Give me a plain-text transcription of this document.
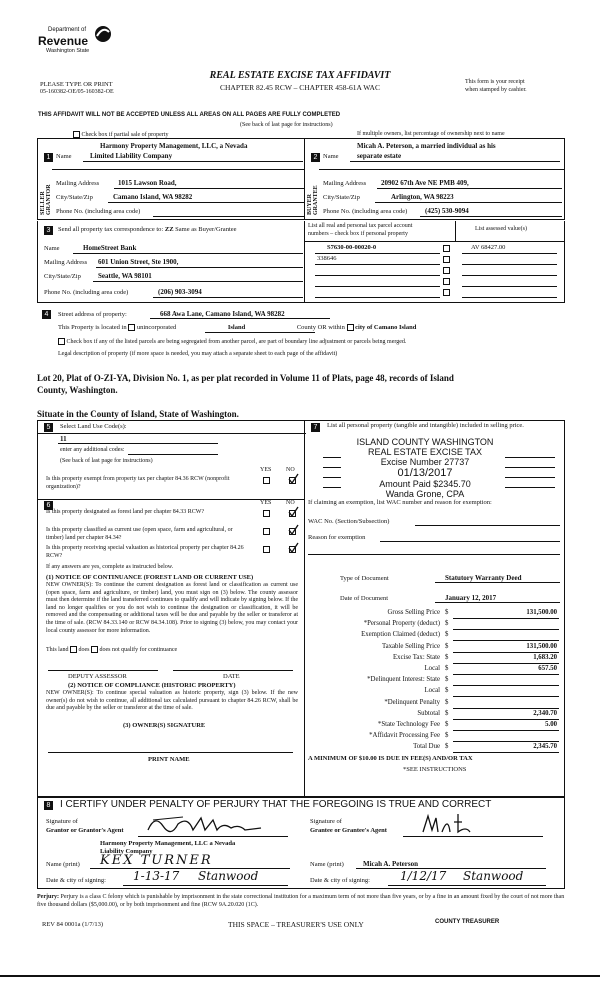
Department of
Revenue
Washington State
REAL ESTATE EXCISE TAX AFFIDAVIT
CHAPTER 82.45 RCW – CHAPTER 458-61A WAC
PLEASE TYPE OR PRINT
05-160382-OE/05-160382-OE
This form is your receipt
when stamped by cashier.
THIS AFFIDAVIT WILL NOT BE ACCEPTED UNLESS ALL AREAS ON ALL PAGES ARE FULLY COMPLETED
(See back of last page for instructions)
Check box if partial sale of property	If multiple owners, list percentage of ownership next to name
1
SELLER GRANTOR
Harmony Property Management, LLC, a Nevada
Name	Limited Liability Company
Mailing Address	1015 Lawson Road,
City/State/Zip	Camano Island, WA 98282
Phone No. (including area code)
2
BUYER GRANTEE
Micah A. Peterson, a married individual as his
Name	separate estate
Mailing Address 20902 67th Ave NE PMB 409,
City/State/Zip	Arlington, WA 98223
Phone No. (including area code)	(425) 530-9094
3	Send all property tax correspondence to: ZZ Same as Buyer/Grantee
Name	HomeStreet Bank
Mailing Address 601 Union Street, Ste 1900,
City/State/Zip Seattle, WA 98101
Phone No. (including area code)	(206) 903-3094
List all real and personal tax parcel account
numbers – check box if personal property
List assessed value(s)
S7630-00-00020-0	AV 68427.00
338646
4	Street address of property:	668 Awa Lane, Camano Island, WA 98282
This Property is located in unincorporated	Island	County OR within city of Camano Island
Check box if any of the listed parcels are being segregated from another parcel, are part of boundary line adjustment or parcels being merged.
Legal description of property (if more space is needed, you may attach a separate sheet to each page of the affidavit)
Lot 20, Plat of O-ZI-YA, Division No. 1, as per plat recorded in Volume 11 of Plats, page 48, records of Island
County, Washington.
Situate in the County of Island, State of Washington.
5	Select Land Use Code(s):
11
enter any additional codes:
(See back of last page for instructions)
YES NO
Is this property exempt from property tax per chapter 84.36 RCW (nonprofit organization)?
6	YES NO
Is this property designated as forest land per chapter 84.33 RCW?
Is this property classified as current use (open space, farm and agricultural, or timber) land per chapter 84.34?
Is this property receiving special valuation as historical property per chapter 84.26 RCW?
If any answers are yes, complete as instructed below.
(1) NOTICE OF CONTINUANCE (FOREST LAND OR CURRENT USE)
NEW OWNER(S): To continue the current designation as forest land or classification as current use (open space, farm and agriculture, or timber) land, you must sign on (3) below. The county assessor must then determine if the land transferred continues to qualify and will indicate by signing below. If the land no longer qualifies or you do not wish to continue the designation or classification, it will be removed and the compensating or additional taxes will be due and payable by the seller or transferor at the time of sale. (RCW 84.33.140 or RCW 84.34.108). Prior to signing (3) below, you may contact your local county assessor for more information.
This land does does not qualify for continuance
DEPUTY ASSESSOR	DATE
(2) NOTICE OF COMPLIANCE (HISTORIC PROPERTY)
NEW OWNER(S): To continue special valuation as historic property, sign (3) below. If the new owner(s) do not wish to continue, all additional tax calculated pursuant to chapter 84.26 RCW, shall be due and payable by the seller or transferor at the time of sale.
(3) OWNER(S) SIGNATURE
PRINT NAME
7	List all personal property (tangible and intangible) included in selling price.
ISLAND COUNTY WASHINGTON
REAL ESTATE EXCISE TAX
Excise Number 27737
01/13/2017
Amount Paid $2345.70
Wanda Grone, CPA
If claiming an exemption, list WAC number and reason for exemption:
WAC No. (Section/Subsection)
Reason for exemption
Type of Document	Statutory Warranty Deed
Date of Document	January 12, 2017
Gross Selling Price $	131,500.00
*Personal Property (deduct) $
Exemption Claimed (deduct) $
Taxable Selling Price $	131,500.00
Excise Tax: State $	1,683.20
Local $	657.50
*Delinquent Interest: State $
Local $
*Delinquent Penalty $
Subtotal $	2,340.70
*State Technology Fee $	5.00
*Affidavit Processing Fee $
Total Due $	2,345.70
A MINIMUM OF $10.00 IS DUE IN FEE(S) AND/OR TAX
*SEE INSTRUCTIONS
8 I CERTIFY UNDER PENALTY OF PERJURY THAT THE FOREGOING IS TRUE AND CORRECT
Signature of
Grantor or Grantor's Agent
Harmony Property Management, LLC a Nevada
Liability Company
Signature of
Grantee or Grantee's Agent
Name (print) KEX TURNER	Name (print)	Micah A. Peterson
Date & city of signing: 1-13-17 Stanwood	Date & city of signing:	1/12/17 Stanwood
Perjury: Perjury is a class C felony which is punishable by imprisonment in the state correctional institution for a maximum term of not more than five years, or by a fine in an amount fixed by the court of not more than five thousand dollars ($5,000.00), or by both imprisonment and fine (RCW 9A.20.020 (1C).
REV 84 0001a (1/7/13)	THIS SPACE – TREASURER'S USE ONLY	COUNTY TREASURER
